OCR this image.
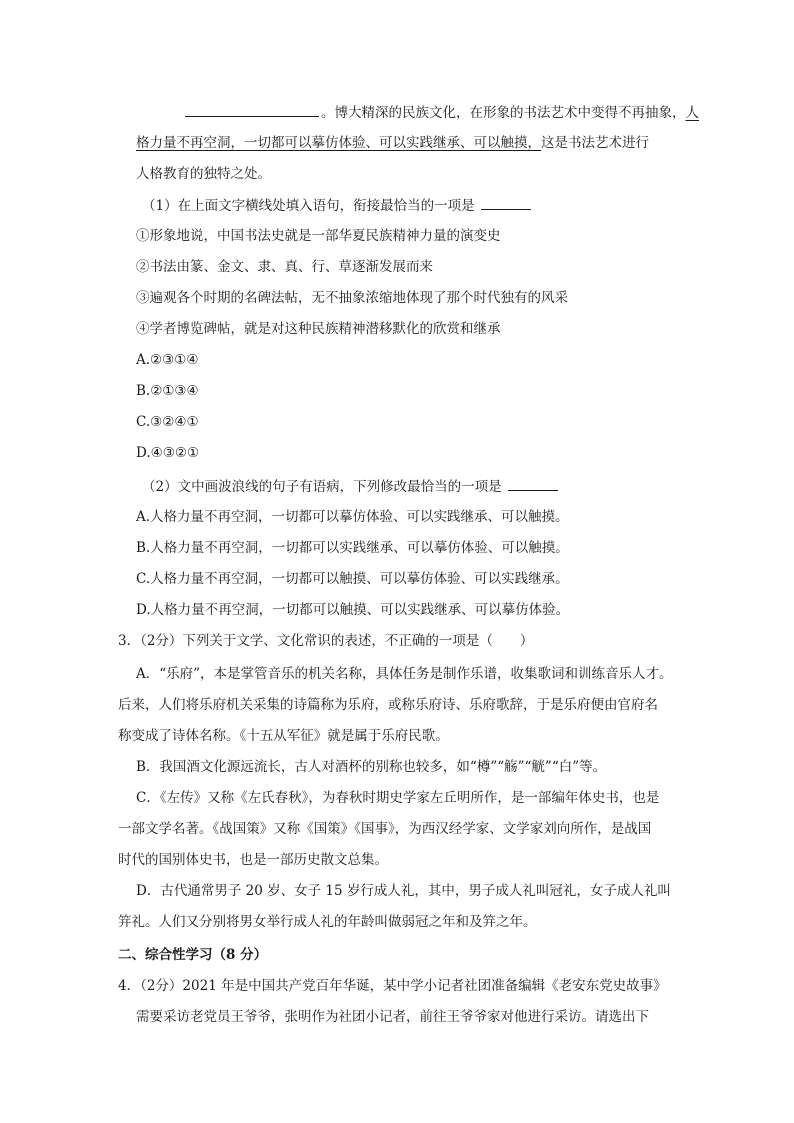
。博大精深的民族文化，在形象的书法艺术中变得不再抽象，人
格力量不再空洞，一切都可以摹仿体验、可以实践继承、可以触摸，这是书法艺术进行
人格教育的独特之处。
（1）在上面文字横线处填入语句，衔接最恰当的一项是
①形象地说，中国书法史就是一部华夏民族精神力量的演变史
②书法由篆、金文、隶、真、行、草逐渐发展而来
③遍观各个时期的名碑法帖，无不抽象浓缩地体现了那个时代独有的风采
④学者博览碑帖，就是对这种民族精神潜移默化的欣赏和继承
A.②③①④
B.②①③④
C.③②④①
D.④③②①
（2）文中画波浪线的句子有语病，下列修改最恰当的一项是
A.人格力量不再空洞，一切都可以摹仿体验、可以实践继承、可以触摸。
B.人格力量不再空洞，一切都可以实践继承、可以摹仿体验、可以触摸。
C.人格力量不再空洞，一切都可以触摸、可以摹仿体验、可以实践继承。
D.人格力量不再空洞，一切都可以触摸、可以实践继承、可以摹仿体验。
3．（2分）下列关于文学、文化常识的表述，不正确的一项是（　　）
A．“乐府”，本是掌管音乐的机关名称，具体任务是制作乐谱，收集歌词和训练音乐人才。
后来，人们将乐府机关采集的诗篇称为乐府，或称乐府诗、乐府歌辞，于是乐府便由官府名
称变成了诗体名称。《十五从军征》就是属于乐府民歌。
B．我国酒文化源远流长，古人对酒杯的别称也较多，如“樽”“觞”“觥”“白”等。
C．《左传》又称《左氏春秋》，为春秋时期史学家左丘明所作，是一部编年体史书，也是
一部文学名著。《战国策》又称《国策》《国事》，为西汉经学家、文学家刘向所作，是战国
时代的国别体史书，也是一部历史散文总集。
D．古代通常男子 20 岁、女子 15 岁行成人礼，其中，男子成人礼叫冠礼，女子成人礼叫
笄礼。人们又分别将男女举行成人礼的年龄叫做弱冠之年和及笄之年。
二、综合性学习（8 分）
4．（2分）2021 年是中国共产党百年华诞，某中学小记者社团准备编辑《老安东党史故事》
需要采访老党员王爷爷，张明作为社团小记者，前往王爷爷家对他进行采访。请选出下
